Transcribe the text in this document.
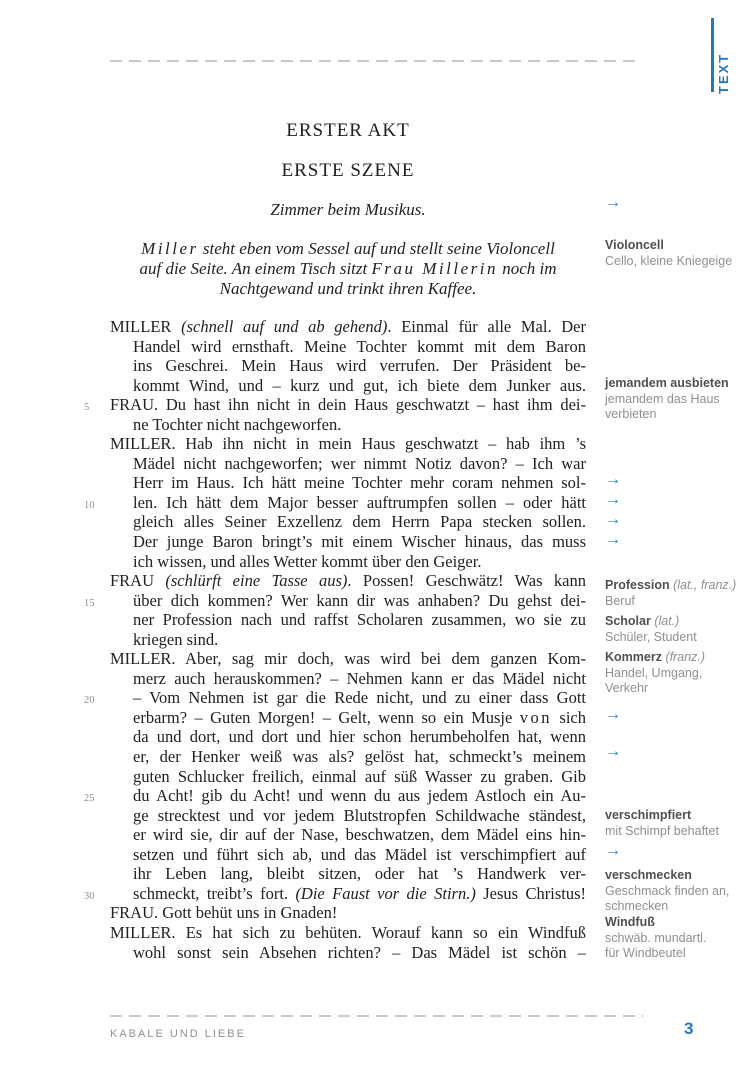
TEXT
ERSTER AKT
ERSTE SZENE
Zimmer beim Musikus.
Miller steht eben vom Sessel auf und stellt seine Violoncell
auf die Seite. An einem Tisch sitzt Frau Millerin noch im
Nachtgewand und trinkt ihren Kaffee.
MILLER (schnell auf und ab gehend). Einmal für alle Mal. Der
Handel wird ernsthaft. Meine Tochter kommt mit dem Baron
ins Geschrei. Mein Haus wird verrufen. Der Präsident be-
kommt Wind, und – kurz und gut, ich biete dem Junker aus.
5	FRAU. Du hast ihn nicht in dein Haus geschwatzt – hast ihm dei-
ne Tochter nicht nachgeworfen.
MILLER. Hab ihn nicht in mein Haus geschwatzt – hab ihm ’s
Mädel nicht nachgeworfen; wer nimmt Notiz davon? – Ich war
Herr im Haus. Ich hätt meine Tochter mehr coram nehmen sol-
10	len. Ich hätt dem Major besser auftrumpfen sollen – oder hätt
gleich alles Seiner Exzellenz dem Herrn Papa stecken sollen.
Der junge Baron bringt’s mit einem Wischer hinaus, das muss
ich wissen, und alles Wetter kommt über den Geiger.
FRAU (schlürft eine Tasse aus). Possen! Geschwätz! Was kann
15	über dich kommen? Wer kann dir was anhaben? Du gehst dei-
ner Profession nach und raffst Scholaren zusammen, wo sie zu
kriegen sind.
MILLER. Aber, sag mir doch, was wird bei dem ganzen Kom-
merz auch herauskommen? – Nehmen kann er das Mädel nicht
20	– Vom Nehmen ist gar die Rede nicht, und zu einer dass Gott
erbarm? – Guten Morgen! – Gelt, wenn so ein Musje von sich
da und dort, und dort und hier schon herumbeholfen hat, wenn
er, der Henker weiß was als? gelöst hat, schmeckt’s meinem
guten Schlucker freilich, einmal auf süß Wasser zu graben. Gib
25	du Acht! gib du Acht! und wenn du aus jedem Astloch ein Au-
ge strecktest und vor jedem Blutstropfen Schildwache ständest,
er wird sie, dir auf der Nase, beschwatzen, dem Mädel eins hin-
setzen und führt sich ab, und das Mädel ist verschimpfiert auf
ihr Leben lang, bleibt sitzen, oder hat ’s Handwerk ver-
30	schmeckt, treibt’s fort. (Die Faust vor die Stirn.) Jesus Christus!
FRAU. Gott behüt uns in Gnaden!
MILLER. Es hat sich zu behüten. Worauf kann so ein Windfuß
wohl sonst sein Absehen richten? – Das Mädel ist schön –
→
Violoncell
Cello, kleine Kniegeige
jemandem ausbieten
jemandem das Haus
verbieten
→
→
→
→
Profession (lat., franz.)
Beruf
Scholar (lat.)
Schüler, Student
Kommerz (franz.)
Handel, Umgang,
Verkehr
→
→
verschimpfiert
mit Schimpf behaftet
→
verschmecken
Geschmack finden an,
schmecken
Windfuß
schwäb. mundartl.
für Windbeutel
KABALE UND LIEBE	3
